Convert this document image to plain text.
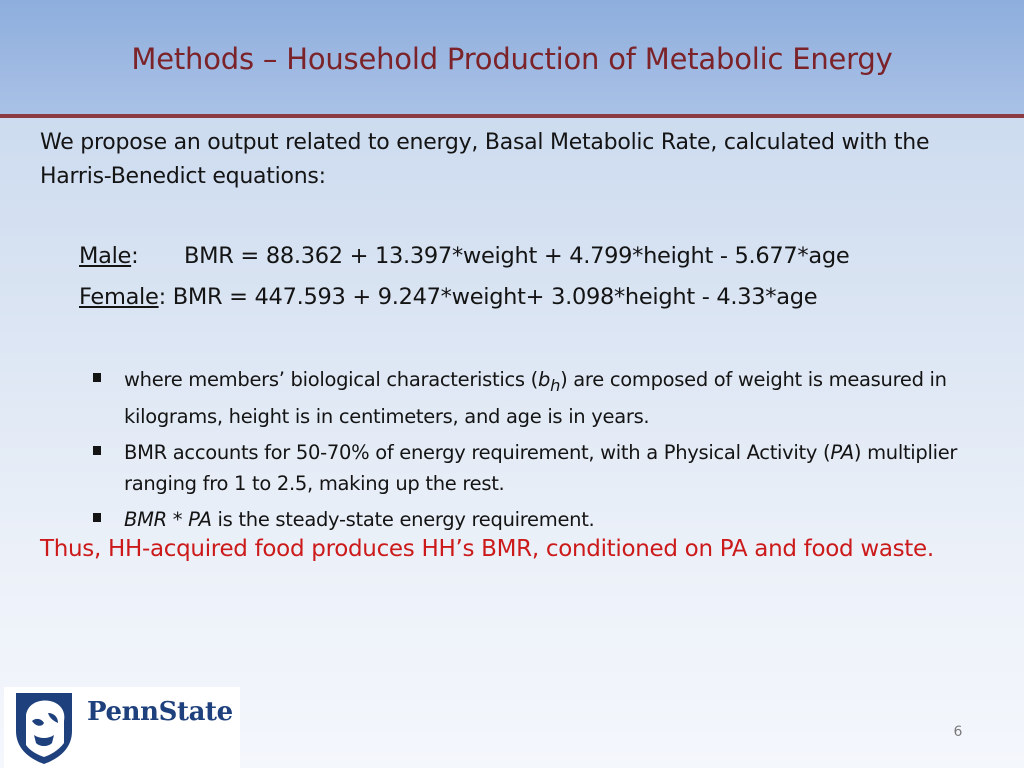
Methods – Household Production of Metabolic Energy
We propose an output related to energy, Basal Metabolic Rate, calculated with the Harris-Benedict equations:
Male: BMR = 88.362 + 13.397*weight + 4.799*height - 5.677*age
Female: BMR = 447.593 + 9.247*weight+ 3.098*height - 4.33*age
where members’ biological characteristics $(b_h)$ are composed of weight is measured in kilograms, height is in centimeters, and age is in years.
BMR accounts for 50-70% of energy requirement, with a Physical Activity (PA) multiplier ranging fro 1 to 2.5, making up the rest.
BMR * PA is the steady-state energy requirement.
Thus, HH-acquired food produces HH’s BMR, conditioned on PA and food waste.
PennState
6
